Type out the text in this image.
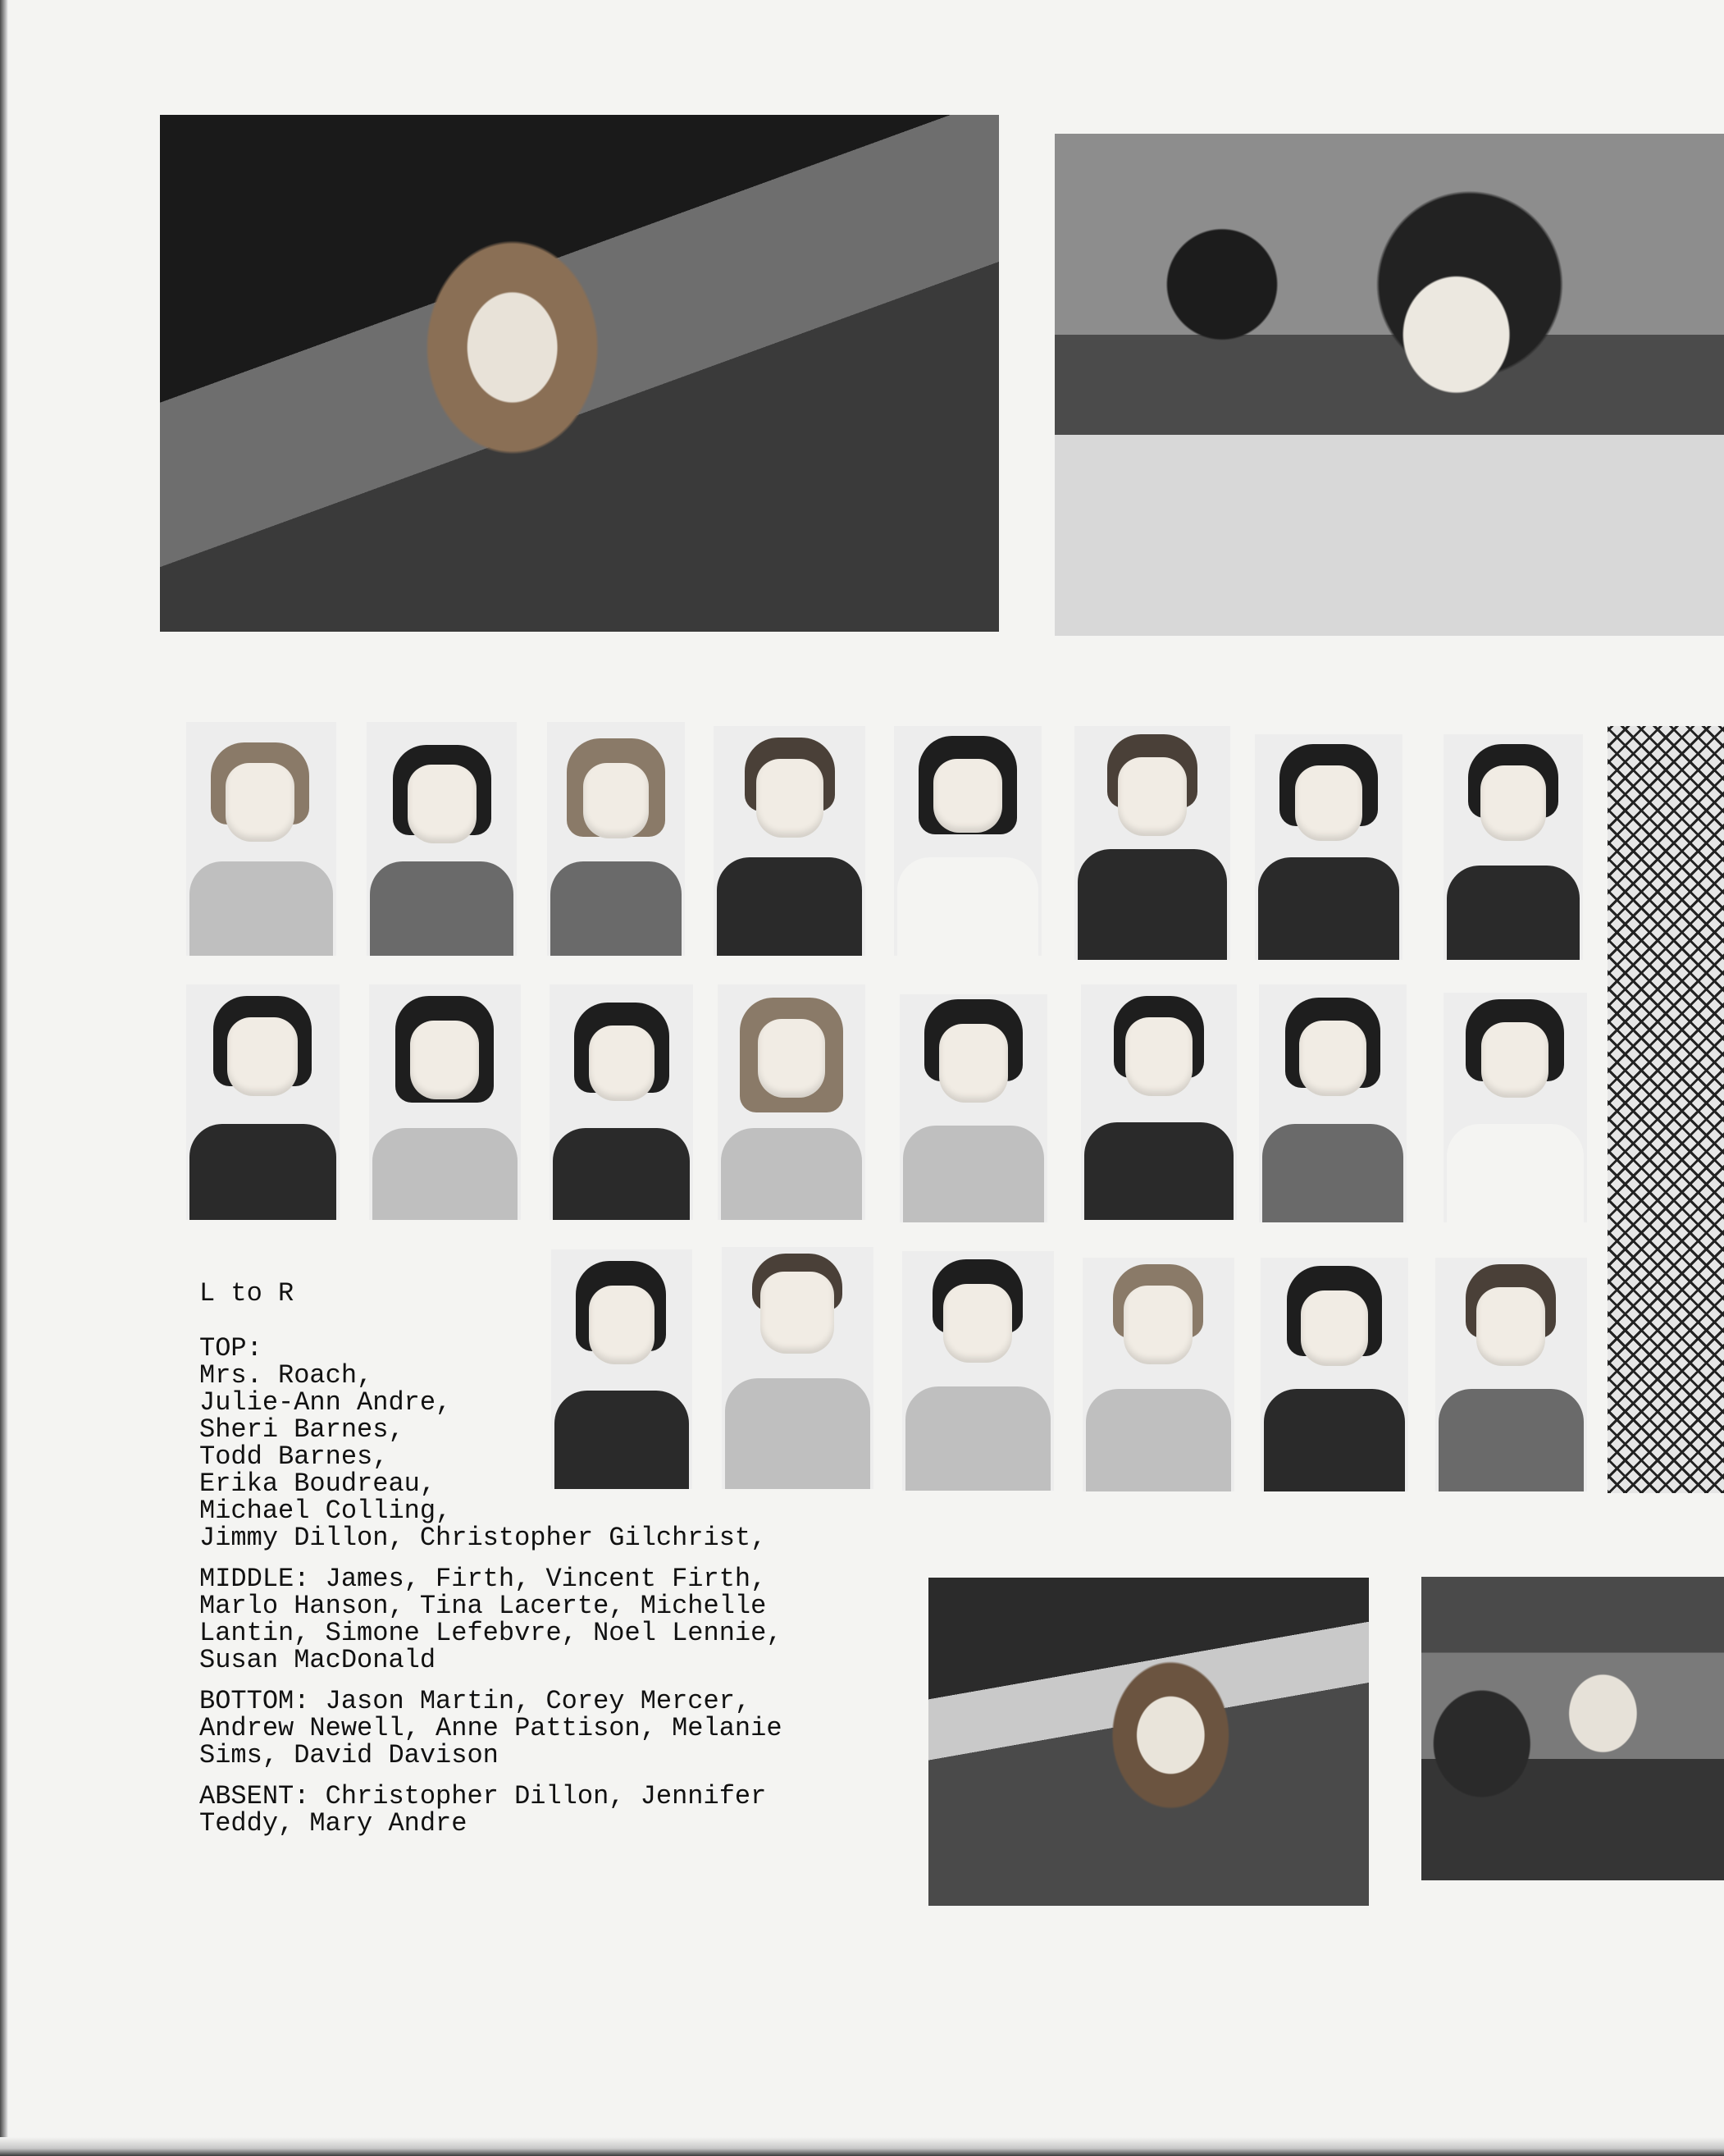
L to R

TOP:
Mrs. Roach,
Julie-Ann Andre,
Sheri Barnes,
Todd Barnes,
Erika Boudreau,
Michael Colling,
Jimmy Dillon, Christopher Gilchrist,

MIDDLE: James, Firth, Vincent Firth,
Marlo Hanson, Tina Lacerte, Michelle
Lantin, Simone Lefebvre, Noel Lennie,
Susan MacDonald

BOTTOM: Jason Martin, Corey Mercer,
Andrew Newell, Anne Pattison, Melanie
Sims, David Davison

ABSENT: Christopher Dillon, Jennifer
Teddy, Mary Andre
